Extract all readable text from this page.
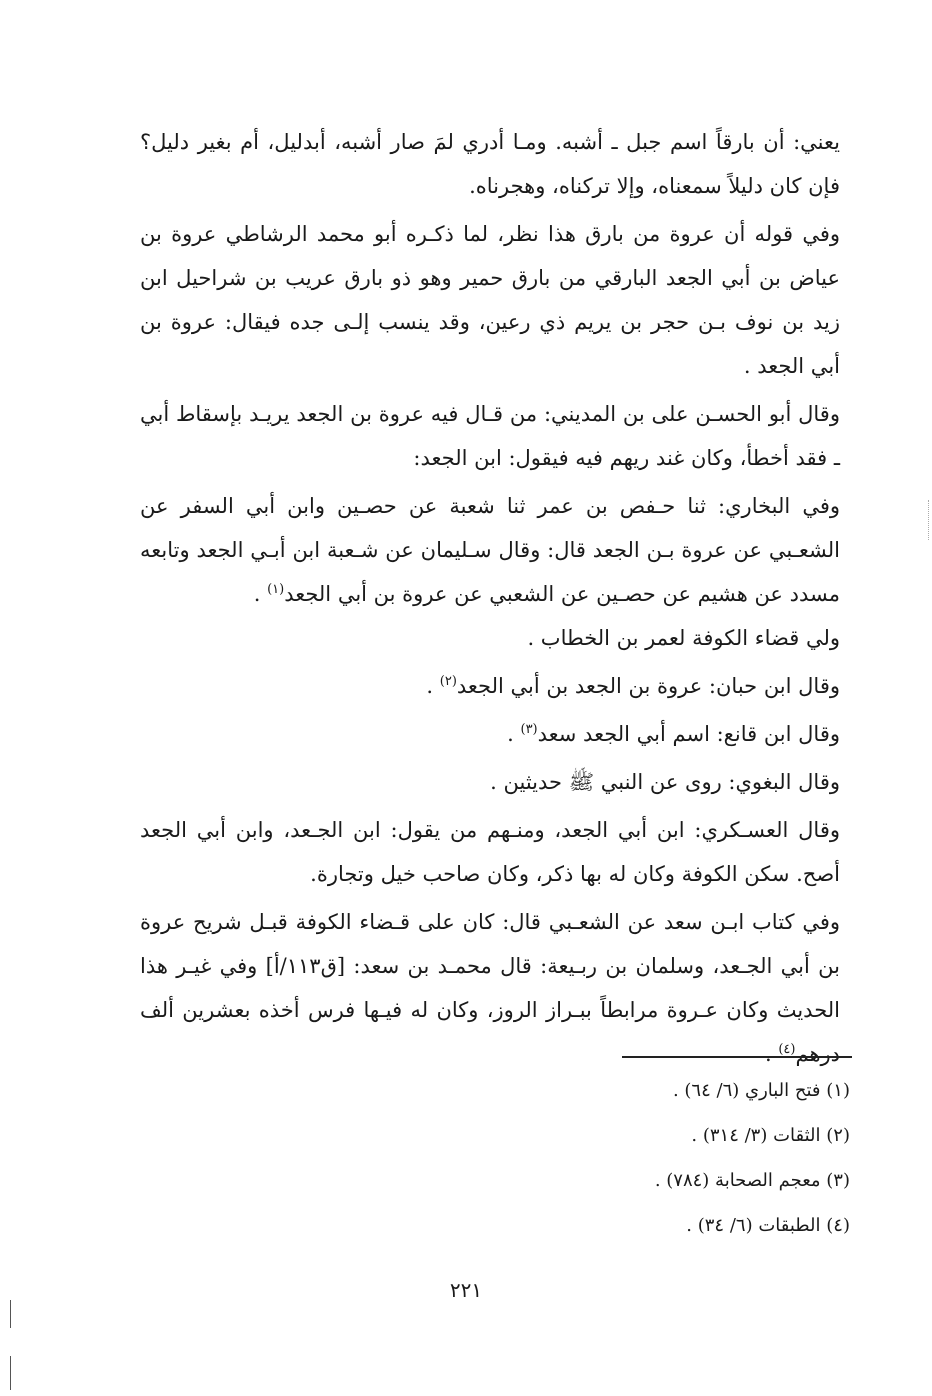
يعني: أن بارقاً اسم جبل ـ أشبه. ومـا أدري لمَ صار أشبه، أبدليل، أم بغير دليل؟ فإن كان دليلاً سمعناه، وإلا تركناه، وهجرناه.

وفي قوله أن عروة من بارق هذا نظر، لما ذكـره أبو محمد الرشاطي عروة بن عياض بن أبي الجعد البارقي من بارق حمير وهو ذو بارق عريب بن شراحيل ابن زيد بن نوف بـن حجر بن يريم ذي رعين، وقد ينسب إلـى جده فيقال: عروة بن أبي الجعد .

وقال أبو الحسـن على بن المديني: من قـال فيه عروة بن الجعد يريـد بإسقاط أبي ـ فقد أخطأ، وكان غند ريهم فيه فيقول: ابن الجعد:

وفي البخاري: ثنا حـفص بن عمر ثنا شعبة عن حصـين وابن أبي السفر عن الشعـبي عن عروة بـن الجعد قال: وقال سـليمان عن شـعبة ابن أبـي الجعد وتابعه مسدد عن هشيم عن حصـين عن الشعبي عن عروة بن أبي الجعد$^{(١)}$ .
ولي قضاء الكوفة لعمر بن الخطاب .

وقال ابن حبان: عروة بن الجعد بن أبي الجعد$^{(٢)}$ .

وقال ابن قانع: اسم أبي الجعد سعد$^{(٣)}$ .

وقال البغوي: روى عن النبي ﷺ حديثين .

وقال العسـكري: ابن أبي الجعد، ومنـهم من يقول: ابن الجـعد، وابن أبي الجعد أصح. سكن الكوفة وكان له بها ذكر، وكان صاحب خيل وتجارة.

وفي كتاب ابـن سعد عن الشعـبي قال: كان على قـضاء الكوفة قبـل شريح عروة بن أبي الجـعد، وسلمان بن ربـيعة: قال محمـد بن سعد: [ق١١٣/أ] وفي غيـر هذا الحديث وكان عـروة مرابطاً ببـراز الروز، وكان له فيـها فرس أخذه بعشرين ألف درهم$^{(٤)}$ .

(١) فتح الباري (٦/ ٦٤) .

(٢) الثقات (٣/ ٣١٤) .

(٣) معجم الصحابة (٧٨٤) .

(٤) الطبقات (٦/ ٣٤) .

٢٢١
